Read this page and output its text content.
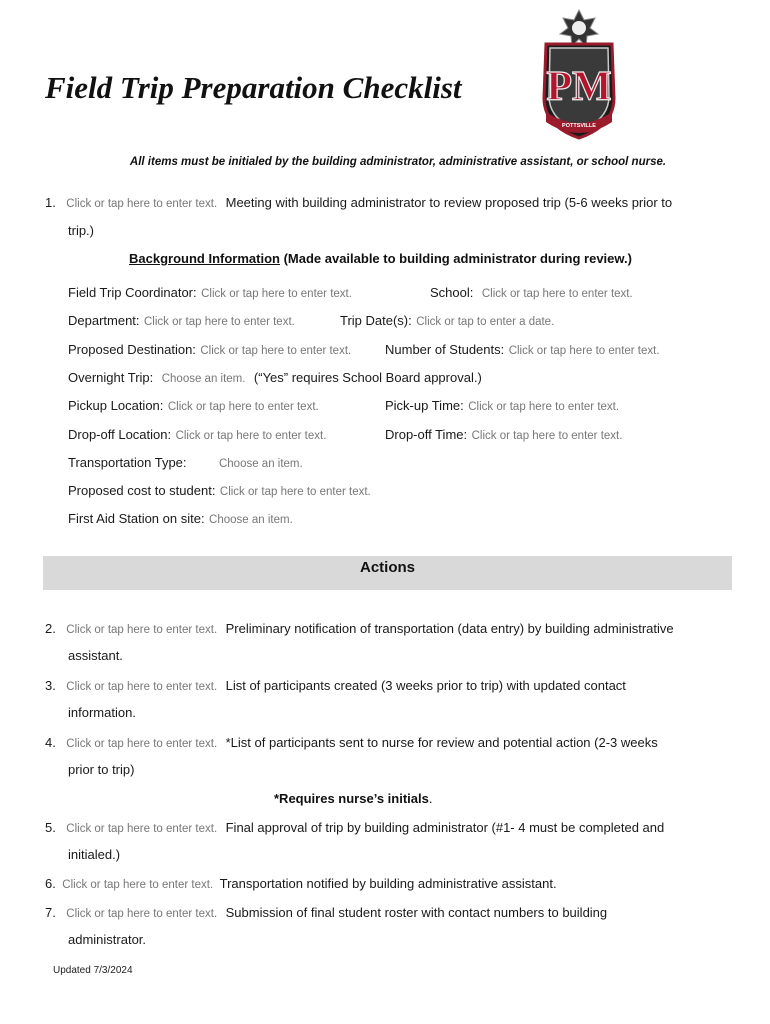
Field Trip Preparation Checklist PM
POTTSVILLE
All items must be initialed by the building administrator, administrative assistant, or school nurse.
1. Click or tap here to enter text. Meeting with building administrator to review proposed trip (5-6 weeks prior to
trip.)
Background Information (Made available to building administrator during review.)
Field Trip Coordinator: Click or tap here to enter text.	School: Click or tap here to enter text.
Department: Click or tap here to enter text.	Trip Date(s): Click or tap to enter a date.
Proposed Destination: Click or tap here to enter text.	Number of Students: Click or tap here to enter text.
Overnight Trip: Choose an item. (“Yes” requires School Board approval.)
Pickup Location: Click or tap here to enter text.	Pick-up Time: Click or tap here to enter text.
Drop-off Location: Click or tap here to enter text.	Drop-off Time: Click or tap here to enter text.
Transportation Type:	Choose an item.
Proposed cost to student: Click or tap here to enter text.
First Aid Station on site: Choose an item.
Actions
2. Click or tap here to enter text. Preliminary notification of transportation (data entry) by building administrative
assistant.
3. Click or tap here to enter text. List of participants created (3 weeks prior to trip) with updated contact
information.
4. Click or tap here to enter text. *List of participants sent to nurse for review and potential action (2-3 weeks
prior to trip)
*Requires nurse’s initials.
5. Click or tap here to enter text. Final approval of trip by building administrator (#1- 4 must be completed and
initialed.)
6. Click or tap here to enter text. Transportation notified by building administrative assistant.
7. Click or tap here to enter text. Submission of final student roster with contact numbers to building
administrator.
Updated 7/3/2024
